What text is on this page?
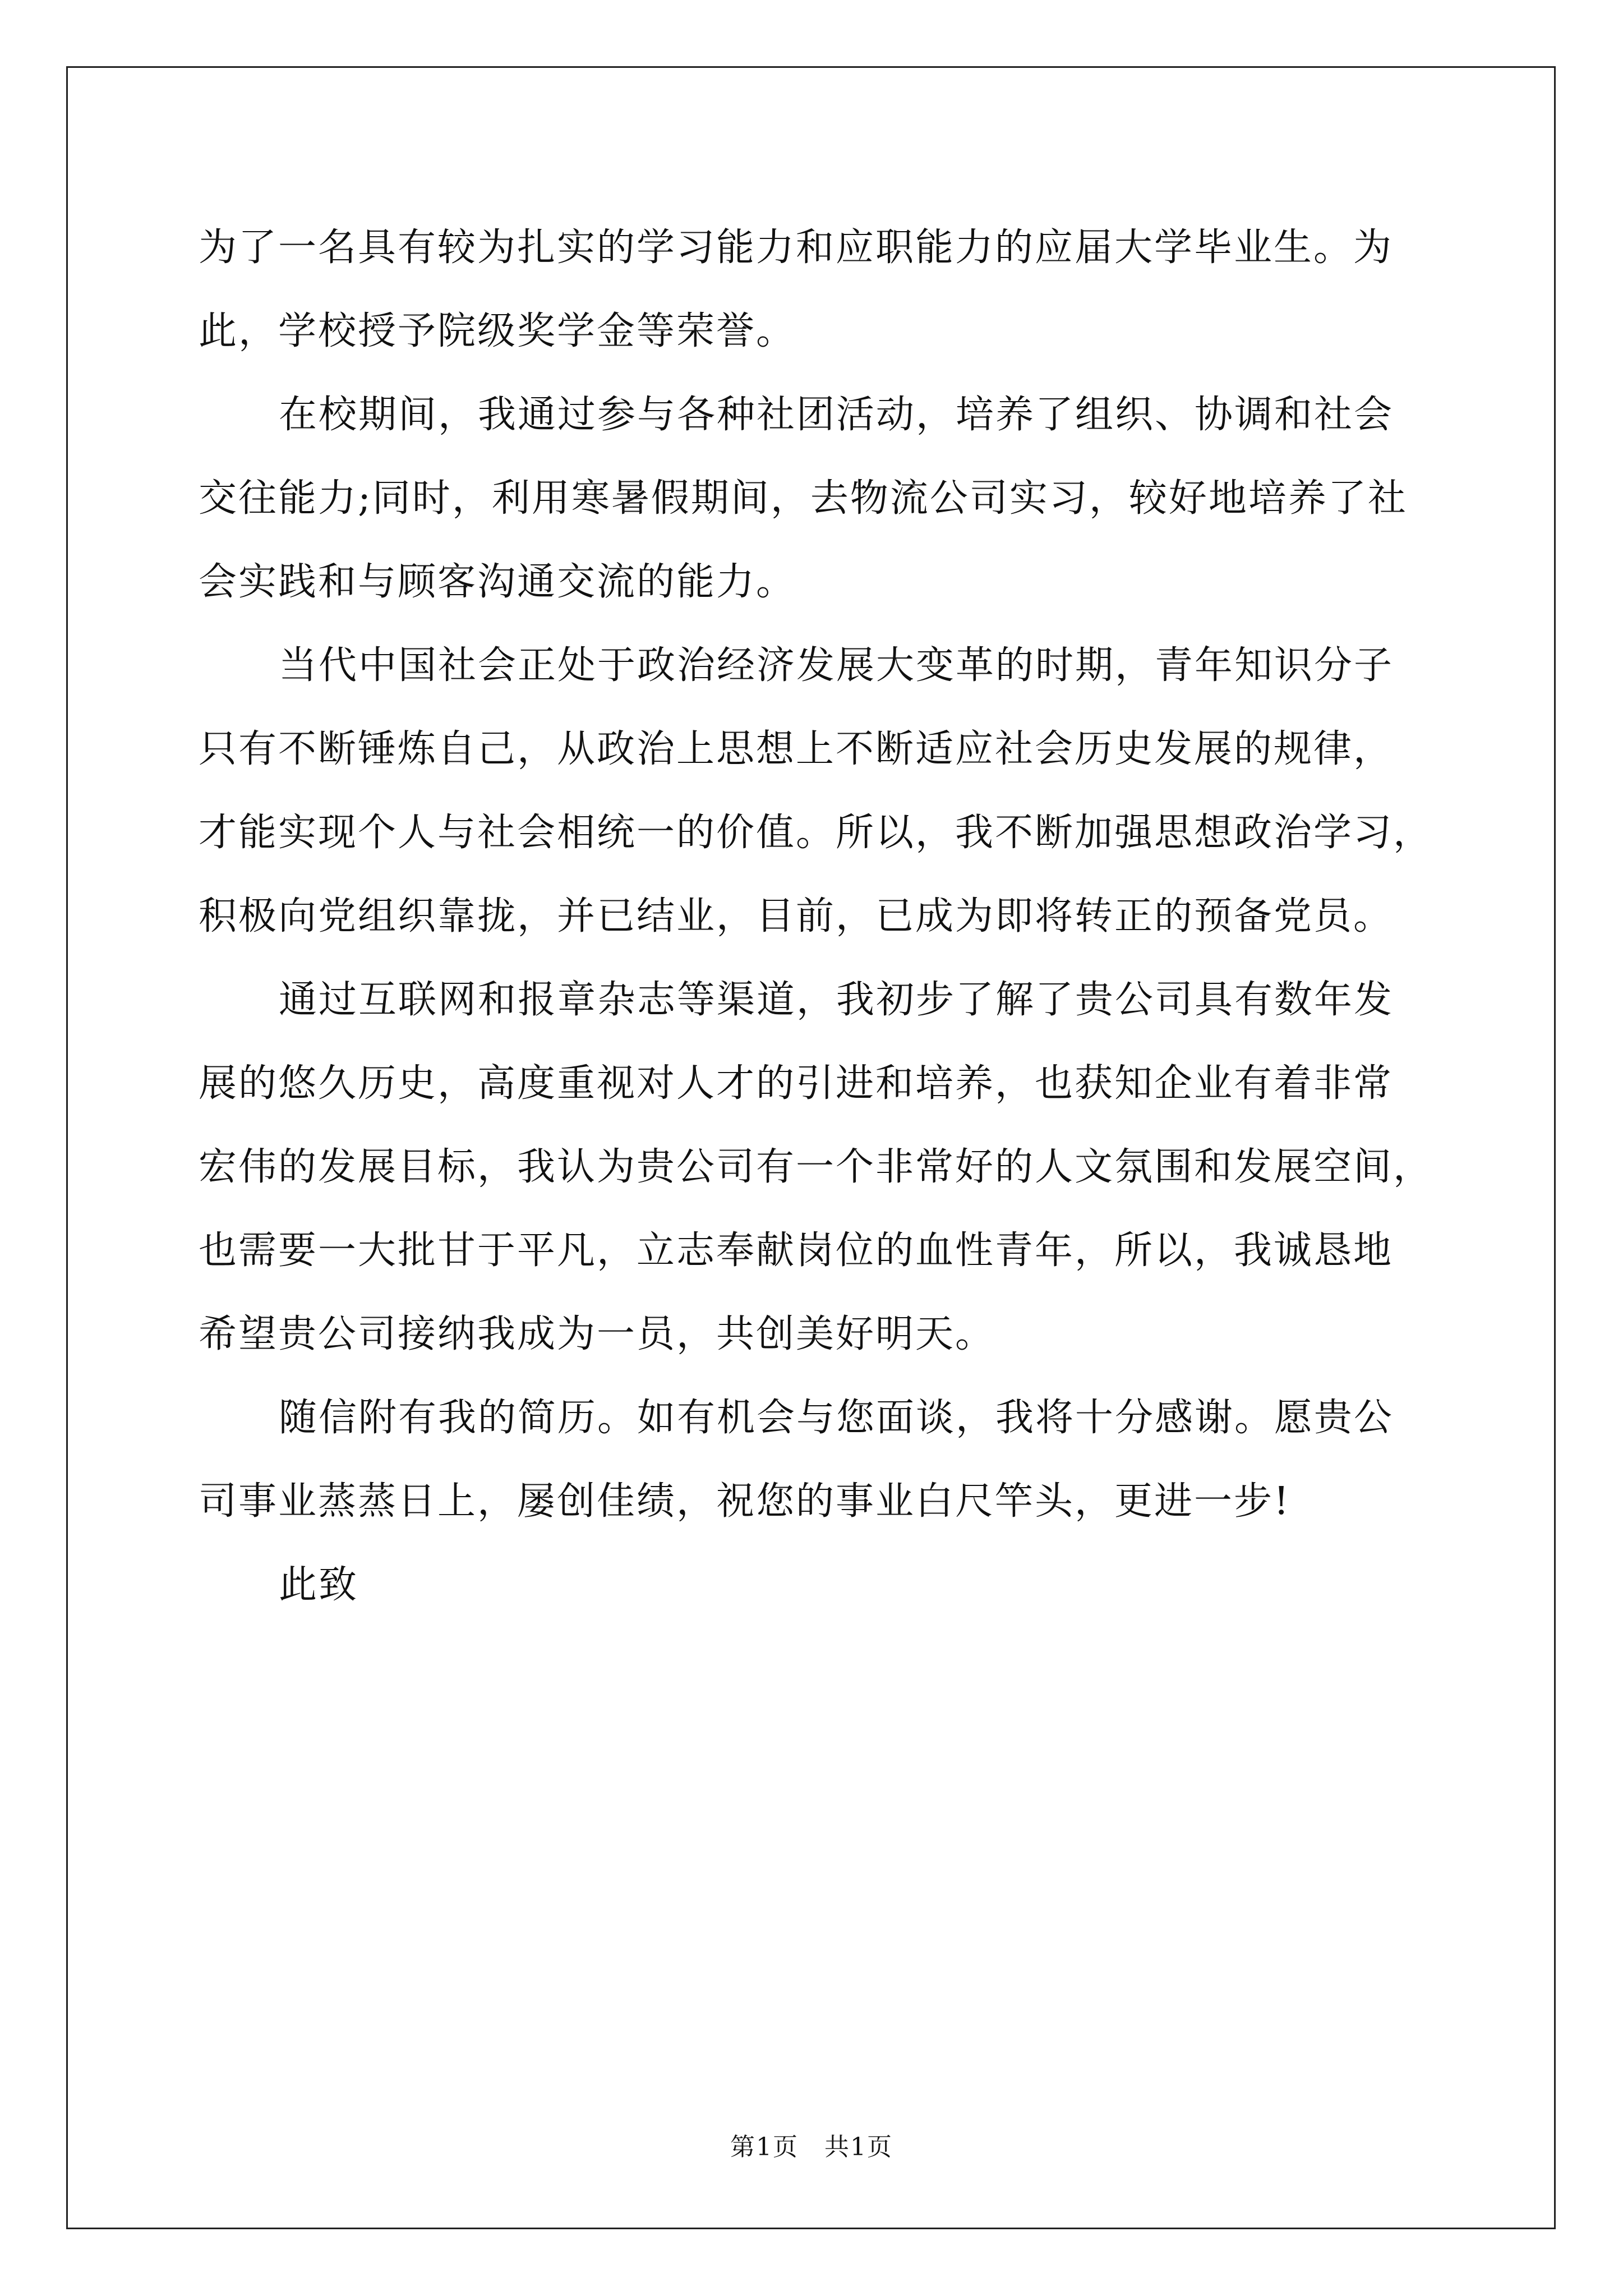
为了一名具有较为扎实的学习能力和应职能力的应届大学毕业生。为
此，学校授予院级奖学金等荣誉。
在校期间，我通过参与各种社团活动，培养了组织、协调和社会
交往能力;同时，利用寒暑假期间，去物流公司实习，较好地培养了社
会实践和与顾客沟通交流的能力。
当代中国社会正处于政治经济发展大变革的时期，青年知识分子
只有不断锤炼自己，从政治上思想上不断适应社会历史发展的规律，
才能实现个人与社会相统一的价值。所以，我不断加强思想政治学习，
积极向党组织靠拢，并已结业，目前，已成为即将转正的预备党员。
通过互联网和报章杂志等渠道，我初步了解了贵公司具有数年发
展的悠久历史，高度重视对人才的引进和培养，也获知企业有着非常
宏伟的发展目标，我认为贵公司有一个非常好的人文氛围和发展空间，
也需要一大批甘于平凡，立志奉献岗位的血性青年，所以，我诚恳地
希望贵公司接纳我成为一员，共创美好明天。
随信附有我的简历。如有机会与您面谈，我将十分感谢。愿贵公
司事业蒸蒸日上，屡创佳绩，祝您的事业白尺竿头，更进一步!
此致
第1页　共1页
